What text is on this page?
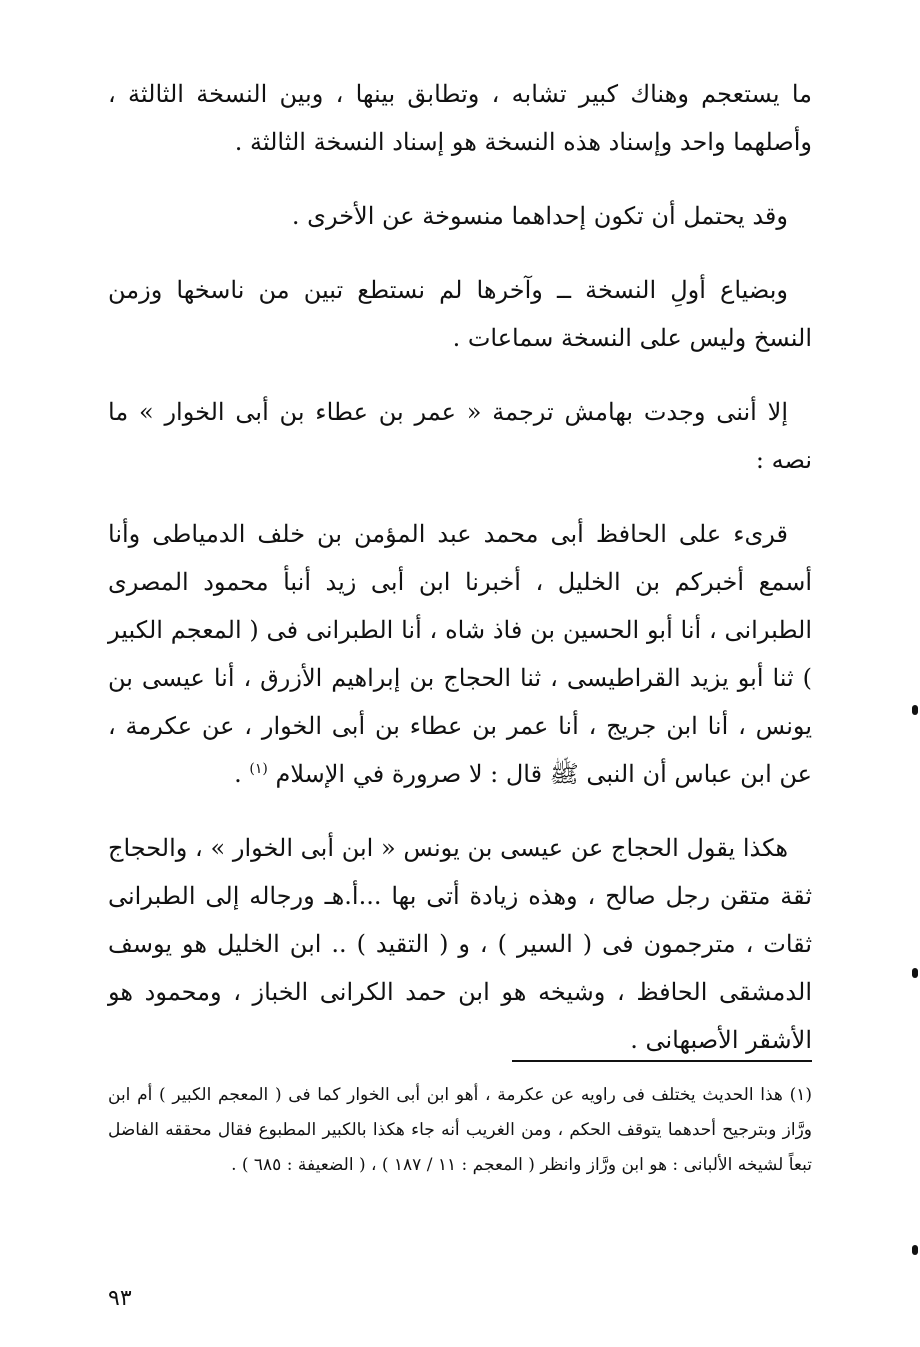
ما يستعجم وهناك كبير تشابه ، وتطابق بينها ، وبين النسخة الثالثة ، وأصلهما واحد وإسناد هذه النسخة هو إسناد النسخة الثالثة .

وقد يحتمل أن تكون إحداهما منسوخة عن الأخرى .

وبضياع أولِ النسخة ــ وآخرها لم نستطع تبين من ناسخها وزمن النسخ وليس على النسخة سماعات .

إلا أننى وجدت بهامش ترجمة « عمر بن عطاء بن أبى الخوار » ما نصه :

قرىء على الحافظ أبى محمد عبد المؤمن بن خلف الدمياطى وأنا أسمع أخبركم بن الخليل ، أخبرنا ابن أبى زيد أنبأ محمود المصرى الطبرانى ، أنا أبو الحسين بن فاذ شاه ، أنا الطبرانى فى ( المعجم الكبير ) ثنا أبو يزيد القراطيسى ، ثنا الحجاج بن إبراهيم الأزرق ، أنا عيسى بن يونس ، أنا ابن جريج ، أنا عمر بن عطاء بن أبى الخوار ، عن عكرمة ، عن ابن عباس أن النبى ﷺ قال : لا صرورة في الإسلام $^{(١)}$ .

هكذا يقول الحجاج عن عيسى بن يونس « ابن أبى الخوار » ، والحجاج ثقة متقن رجل صالح ، وهذه زيادة أتى بها ...أ.هـ ورجاله إلى الطبرانى ثقات ، مترجمون فى ( السير ) ، و ( التقيد ) .. ابن الخليل هو يوسف الدمشقى الحافظ ، وشيخه هو ابن حمد الكرانى الخباز ، ومحمود هو الأشقر الأصبهانى .

(١) هذا الحديث يختلف فى راويه عن عكرمة ، أهو ابن أبى الخوار كما فى ( المعجم الكبير ) أم ابن ورَّاز وبترجيح أحدهما يتوقف الحكم ، ومن الغريب أنه جاء هكذا بالكبير المطبوع فقال محققه الفاضل تبعاً لشيخه الألبانى : هو ابن ورَّاز وانظر ( المعجم : ١١ / ١٨٧ ) ، ( الضعيفة : ٦٨٥ ) .
٩٣
